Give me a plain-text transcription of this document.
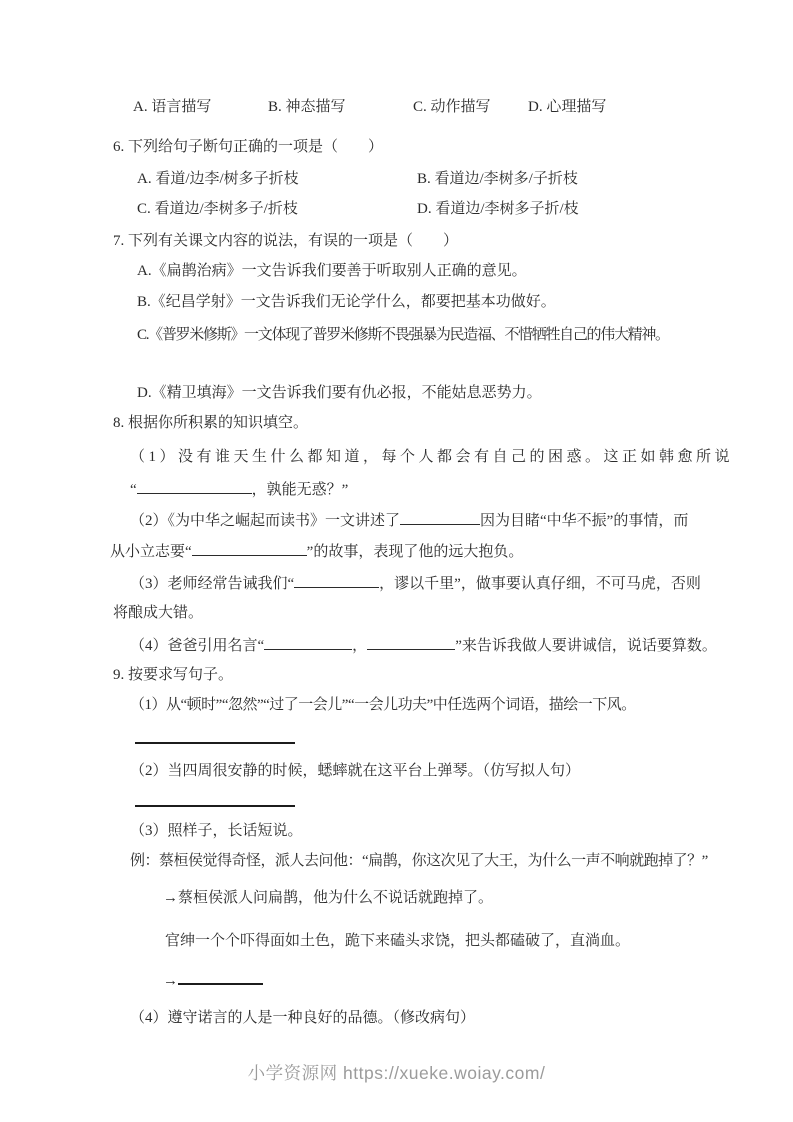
A. 语言描写	B. 神态描写	C. 动作描写 D. 心理描写
6. 下列给句子断句正确的一项是（　　）
A. 看道/边李/树多子折枝	B. 看道边/李树多/子折枝
C. 看道边/李树多子/折枝	D. 看道边/李树多子折/枝
7. 下列有关课文内容的说法，有误的一项是（　　）
A.《扁鹊治病》一文告诉我们要善于听取别人正确的意见。
B.《纪昌学射》一文告诉我们无论学什么，都要把基本功做好。
C.《普罗米修斯》一文体现了普罗米修斯不畏强暴为民造福、不惜牺牲自己的伟大精神。
D.《精卫填海》一文告诉我们要有仇必报，不能姑息恶势力。
8. 根据你所积累的知识填空。
（1）没有谁天生什么都知道，每个人都会有自己的困惑。这正如韩愈所说
“	，孰能无惑？”
（2）《为中华之崛起而读书》一文讲述了	因为目睹“中华不振”的事情，而
从小立志要“	”的故事，表现了他的远大抱负。
（3）老师经常告诫我们“	，谬以千里”，做事要认真仔细，不可马虎，否则
将酿成大错。
（4）爸爸引用名言“	，	”来告诉我做人要讲诚信，说话要算数。
9. 按要求写句子。
（1）从“顿时”“忽然”“过了一会儿”“一会儿功夫”中任选两个词语，描绘一下风。
（2）当四周很安静的时候，蟋蟀就在这平台上弹琴。（仿写拟人句）
（3）照样子，长话短说。
例：蔡桓侯觉得奇怪，派人去问他：“扁鹊，你这次见了大王，为什么一声不响就跑掉了？”
→蔡桓侯派人问扁鹊，他为什么不说话就跑掉了。
官绅一个个吓得面如土色，跪下来磕头求饶，把头都磕破了，直淌血。
→
（4）遵守诺言的人是一种良好的品德。（修改病句）
小学资源网 https://xueke.woiay.com/
